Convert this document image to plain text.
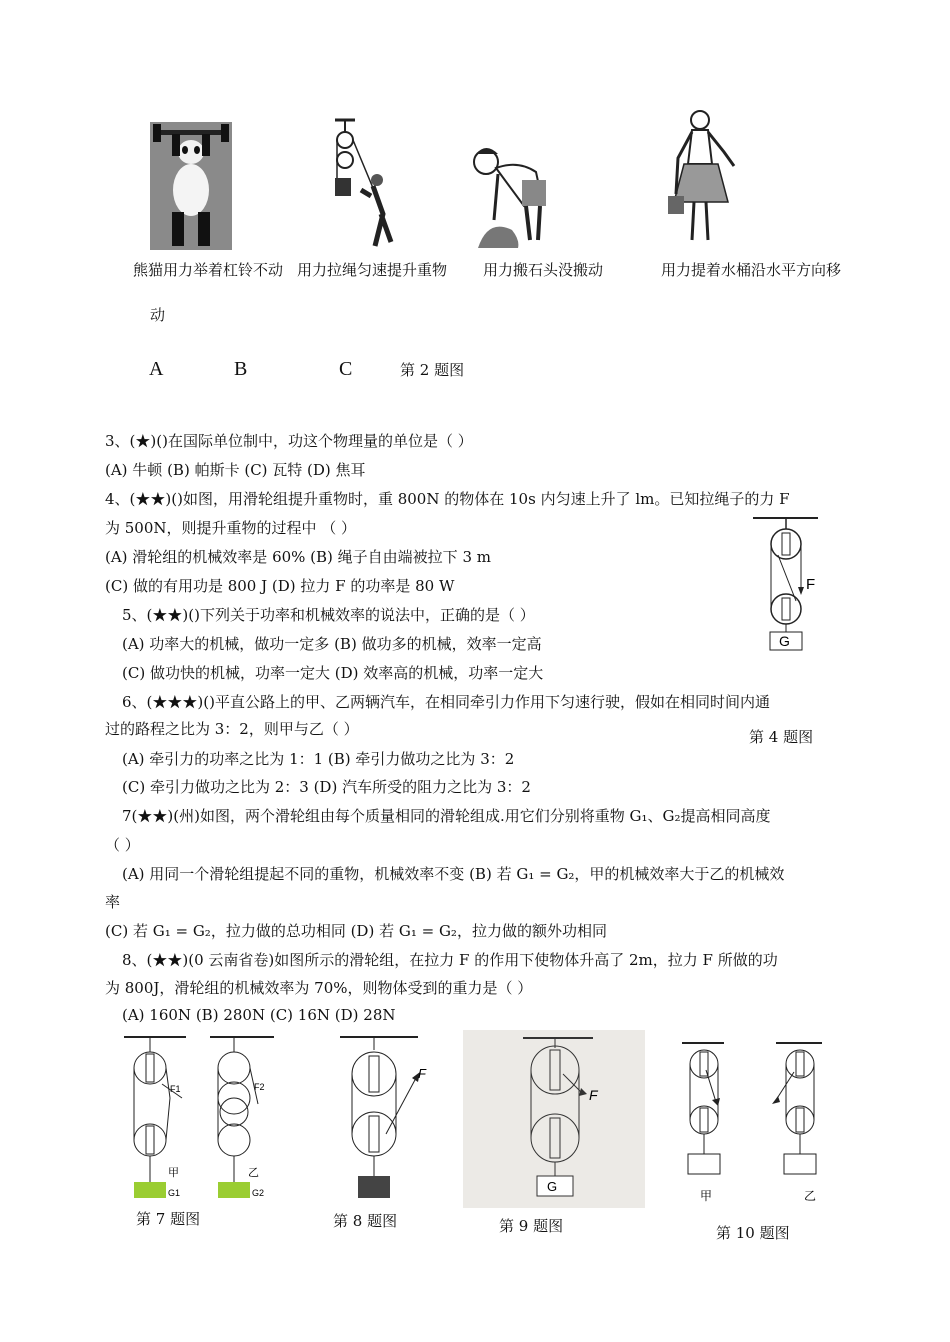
熊猫用力举着杠铃不动 用力拉绳匀速提升重物 用力搬石头没搬动	用力提着水桶沿水平方向移
动
A	B	C	第 2 题图
3、(★)()在国际单位制中，功这个物理量的单位是（ ）
(A) 牛顿 (B) 帕斯卡 (C) 瓦特 (D) 焦耳
4、(★★)()如图，用滑轮组提升重物时，重 800N 的物体在 10s 内匀速上升了 lm。已知拉绳子的力 F
为 500N，则提升重物的过程中 （ ）
(A) 滑轮组的机械效率是 60% (B) 绳子自由端被拉下 3 m
(C) 做的有用功是 800 J (D) 拉力 F 的功率是 80 W
5、(★★)()下列关于功率和机械效率的说法中，正确的是（ ）
(A) 功率大的机械，做功一定多 (B) 做功多的机械，效率一定高
(C) 做功快的机械，功率一定大 (D) 效率高的机械，功率一定大
6、(★★★)()平直公路上的甲、乙两辆汽车，在相同牵引力作用下匀速行驶，假如在相同时间内通
过的路程之比为 3：2，则甲与乙（ ）
(A) 牵引力的功率之比为 1：1 (B) 牵引力做功之比为 3：2
(C) 牵引力做功之比为 2：3 (D) 汽车所受的阻力之比为 3：2
7(★★)(州)如图，两个滑轮组由每个质量相同的滑轮组成.用它们分别将重物 G₁、G₂提高相同高度
（ ）
(A) 用同一个滑轮组提起不同的重物，机械效率不变 (B) 若 G₁ = G₂，甲的机械效率大于乙的机械效
率
(C) 若 G₁ = G₂，拉力做的总功相同 (D) 若 G₁ = G₂，拉力做的额外功相同
8、(★★)(0 云南省卷)如图所示的滑轮组，在拉力 F 的作用下使物体升高了 2m，拉力 F 所做的功
为 800J，滑轮组的机械效率为 70%，则物体受到的重力是（ ）
(A) 160N (B) 280N (C) 16N (D) 28N
F
G
第 4 题图
F1
甲
G1
F2
乙
G2
第 7 题图
F
第 8 题图
F
G
第 9 题图
甲	乙
第 10 题图
